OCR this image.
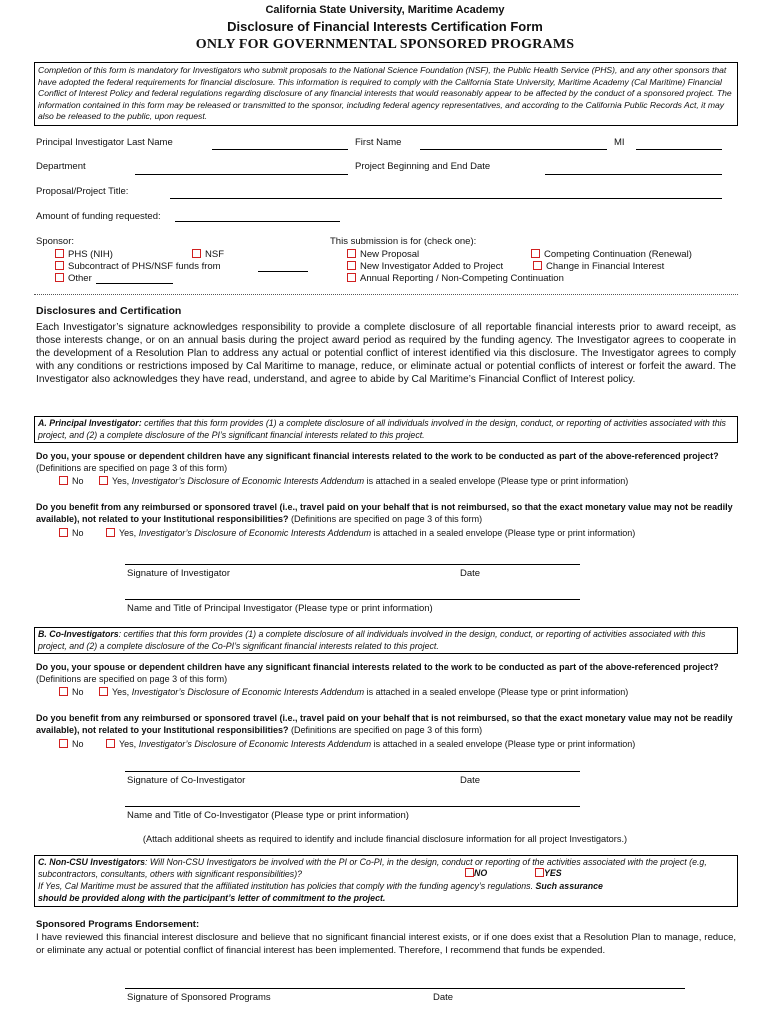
California State University, Maritime Academy
Disclosure of Financial Interests Certification Form
ONLY FOR GOVERNMENTAL SPONSORED PROGRAMS
Completion of this form is mandatory for Investigators who submit proposals to the National Science Foundation (NSF), the Public Health Service (PHS), and any other sponsors that have adopted the federal requirements for financial disclosure. This information is required to comply with the California State University, Maritime Academy (Cal Maritime) Financial Conflict of Interest Policy and federal regulations regarding disclosure of any financial interests that would reasonably appear to be affected by the conduct of a sponsored project. The information contained in this form may be released or transmitted to the sponsor, including federal agency representatives, and according to the California Public Records Act, it may also be released to the public, upon request.
Principal Investigator Last Name	First Name	MI
Department	Project Beginning and End Date
Proposal/Project Title:
Amount of funding requested:
Sponsor:
PHS (NIH)	NSF
Subcontract of PHS/NSF funds from
Other
This submission is for (check one):
New Proposal	Competing Continuation (Renewal)
New Investigator Added to Project	Change in Financial Interest
Annual Reporting / Non-Competing Continuation
Disclosures and Certification
Each Investigator’s signature acknowledges responsibility to provide a complete disclosure of all reportable financial interests prior to award receipt, as those interests change, or on an annual basis during the project award period as required by the funding agency. The Investigator agrees to cooperate in the development of a Resolution Plan to address any actual or potential conflict of interest identified via this disclosure. The Investigator agrees to comply with any conditions or restrictions imposed by Cal Maritime to manage, reduce, or eliminate actual or potential conflicts of interest or forfeit the award. The Investigator also acknowledges they have read, understand, and agree to abide by Cal Maritime’s Financial Conflict of Interest policy.
A. Principal Investigator: certifies that this form provides (1) a complete disclosure of all individuals involved in the design, conduct, or reporting of activities associated with this project, and (2) a complete disclosure of the PI’s significant financial interests related to this project.
Do you, your spouse or dependent children have any significant financial interests related to the work to be conducted as part of the above-referenced project? (Definitions are specified on page 3 of this form)
No	Yes, Investigator’s Disclosure of Economic Interests Addendum is attached in a sealed envelope (Please type or print information)
Do you benefit from any reimbursed or sponsored travel (i.e., travel paid on your behalf that is not reimbursed, so that the exact monetary value may not be readily available), not related to your Institutional responsibilities? (Definitions are specified on page 3 of this form)
No	Yes, Investigator’s Disclosure of Economic Interests Addendum is attached in a sealed envelope (Please type or print information)
Signature of Investigator	Date
Name and Title of Principal Investigator (Please type or print information)
B. Co-Investigators: certifies that this form provides (1) a complete disclosure of all individuals involved in the design, conduct, or reporting of activities associated with this project, and (2) a complete disclosure of the Co-PI’s significant financial interests related to this project.
Do you, your spouse or dependent children have any significant financial interests related to the work to be conducted as part of the above-referenced project? (Definitions are specified on page 3 of this form)
No	Yes, Investigator’s Disclosure of Economic Interests Addendum is attached in a sealed envelope (Please type or print information)
Do you benefit from any reimbursed or sponsored travel (i.e., travel paid on your behalf that is not reimbursed, so that the exact monetary value may not be readily available), not related to your Institutional responsibilities? (Definitions are specified on page 3 of this form)
No	Yes, Investigator’s Disclosure of Economic Interests Addendum is attached in a sealed envelope (Please type or print information)
Signature of Co-Investigator	Date
Name and Title of Co-Investigator (Please type or print information)
(Attach additional sheets as required to identify and include financial disclosure information for all project Investigators.)
C. Non-CSU Investigators: Will Non-CSU Investigators be involved with the PI or Co-PI, in the design, conduct or reporting of the activities associated with the project (e.g, subcontractors, consultants, others with significant responsibilities)?	NO	YES
If Yes, Cal Maritime must be assured that the affiliated institution has policies that comply with the funding agency’s regulations. Such assurance
should be provided along with the participant’s letter of commitment to the project.
Sponsored Programs Endorsement:
I have reviewed this financial interest disclosure and believe that no significant financial interest exists, or if one does exist that a Resolution Plan to manage, reduce, or eliminate any actual or potential conflict of financial interest has been implemented. Therefore, I recommend that funds be expended.
Signature of Sponsored Programs	Date
